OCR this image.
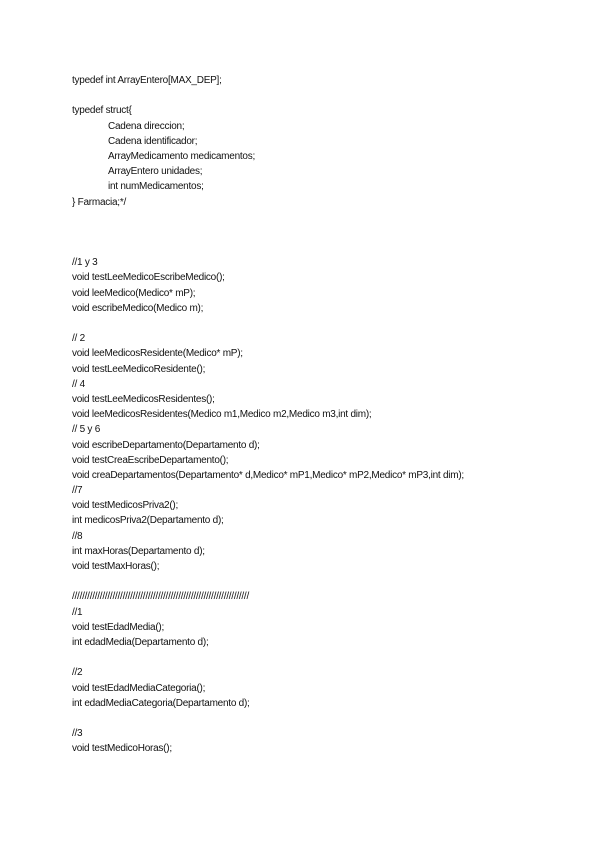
typedef int ArrayEntero[MAX_DEP];
typedef struct{
Cadena direccion;
Cadena identificador;
ArrayMedicamento medicamentos;
ArrayEntero unidades;
int numMedicamentos;
} Farmacia;*/
//1 y 3
void testLeeMedicoEscribeMedico();
void leeMedico(Medico* mP);
void escribeMedico(Medico m);
// 2
void leeMedicosResidente(Medico* mP);
void testLeeMedicoResidente();
// 4
void testLeeMedicosResidentes();
void leeMedicosResidentes(Medico m1,Medico m2,Medico m3,int dim);
// 5 y 6
void escribeDepartamento(Departamento d);
void testCreaEscribeDepartamento();
void creaDepartamentos(Departamento* d,Medico* mP1,Medico* mP2,Medico* mP3,int dim);
//7
void testMedicosPriva2();
int medicosPriva2(Departamento d);
//8
int maxHoras(Departamento d);
void testMaxHoras();
//////////////////////////////////////////////////////////////////////
//1
void testEdadMedia();
int edadMedia(Departamento d);
//2
void testEdadMediaCategoria();
int edadMediaCategoria(Departamento d);
//3
void testMedicoHoras();
